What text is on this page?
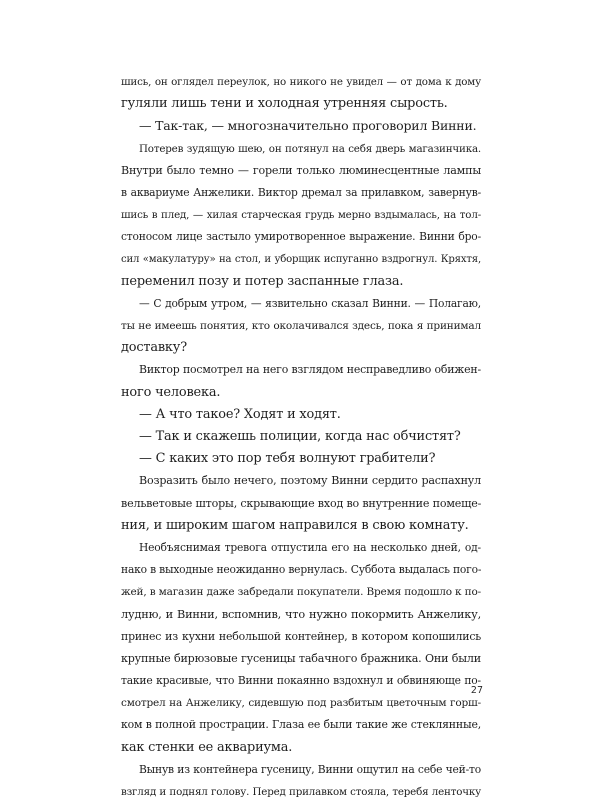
шись, он оглядел переулок, но никого не увидел — от дома к дому
гуляли лишь тени и холодная утренняя сырость.
— Так-так, — многозначительно проговорил Винни.
Потерев зудящую шею, он потянул на себя дверь магазинчика.
Внутри было темно — горели только люминесцентные лампы
в аквариуме Анжелики. Виктор дремал за прилавком, завернув-
шись в плед, — хилая старческая грудь мерно вздымалась, на тол-
стоносом лице застыло умиротворенное выражение. Винни бро-
сил «макулатуру» на стол, и уборщик испуганно вздрогнул. Кряхтя,
переменил позу и потер заспанные глаза.
— С добрым утром, — язвительно сказал Винни. — Полагаю,
ты не имеешь понятия, кто околачивался здесь, пока я принимал
доставку?
Виктор посмотрел на него взглядом несправедливо обижен-
ного человека.
— А что такое? Ходят и ходят.
— Так и скажешь полиции, когда нас обчистят?
— С каких это пор тебя волнуют грабители?
Возразить было нечего, поэтому Винни сердито распахнул
вельветовые шторы, скрывающие вход во внутренние помеще-
ния, и широким шагом направился в свою комнату.
Необъяснимая тревога отпустила его на несколько дней, од-
нако в выходные неожиданно вернулась. Суббота выдалась пого-
жей, в магазин даже забредали покупатели. Время подошло к по-
лудню, и Винни, вспомнив, что нужно покормить Анжелику,
принес из кухни небольшой контейнер, в котором копошились
крупные бирюзовые гусеницы табачного бражника. Они были
такие красивые, что Винни покаянно вздохнул и обвиняюще по-
смотрел на Анжелику, сидевшую под разбитым цветочным горш-
ком в полной прострации. Глаза ее были такие же стеклянные,
как стенки ее аквариума.
Вынув из контейнера гусеницу, Винни ощутил на себе чей-то
взгляд и поднял голову. Перед прилавком стояла, теребя ленточку
27
